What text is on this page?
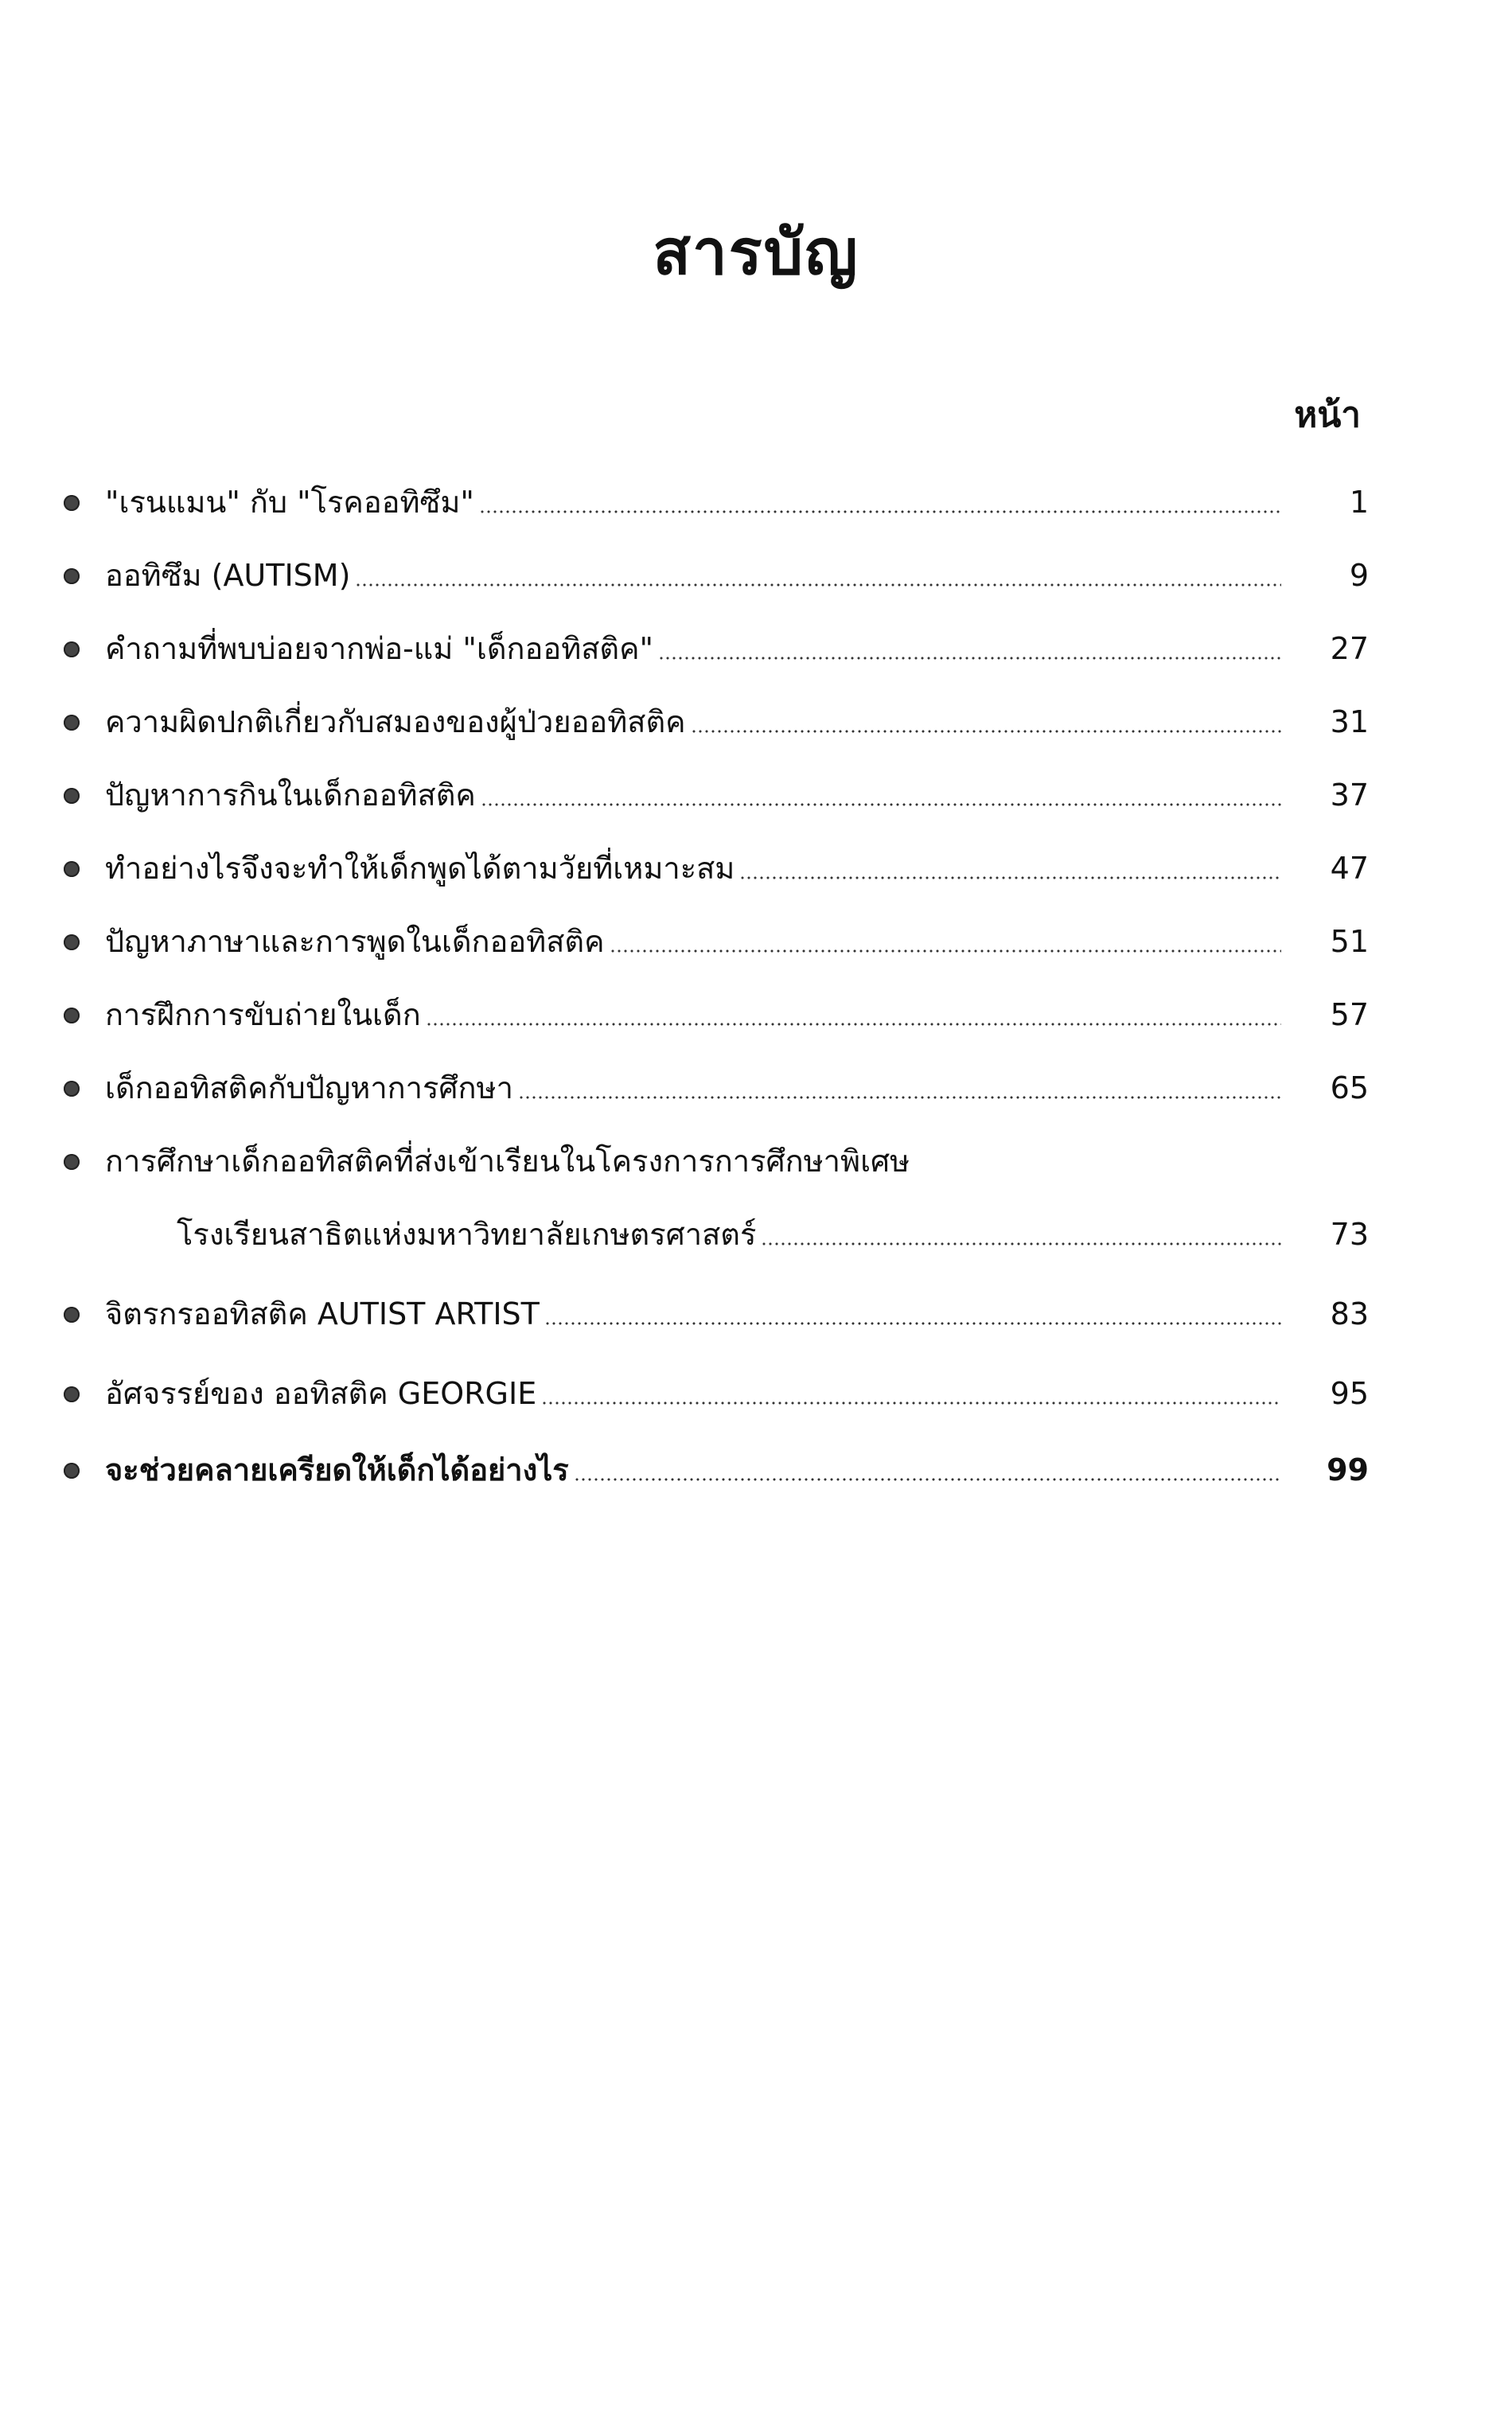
สารบัญ
หน้า
"เรนแมน" กับ "โรคออทิซึม"	1
ออทิซึม (AUTISM)	9
คำถามที่พบบ่อยจากพ่อ-แม่ "เด็กออทิสติค"	27
ความผิดปกติเกี่ยวกับสมองของผู้ป่วยออทิสติค	31
ปัญหาการกินในเด็กออทิสติค	37
ทำอย่างไรจึงจะทำให้เด็กพูดได้ตามวัยที่เหมาะสม	47
ปัญหาภาษาและการพูดในเด็กออทิสติค	51
การฝึกการขับถ่ายในเด็ก	57
เด็กออทิสติคกับปัญหาการศึกษา	65
การศึกษาเด็กออทิสติคที่ส่งเข้าเรียนในโครงการการศึกษาพิเศษ
โรงเรียนสาธิตแห่งมหาวิทยาลัยเกษตรศาสตร์	73
จิตรกรออทิสติค AUTIST ARTIST	83
อัศจรรย์ของ ออทิสติค GEORGIE	95
จะช่วยคลายเครียดให้เด็กได้อย่างไร	99
